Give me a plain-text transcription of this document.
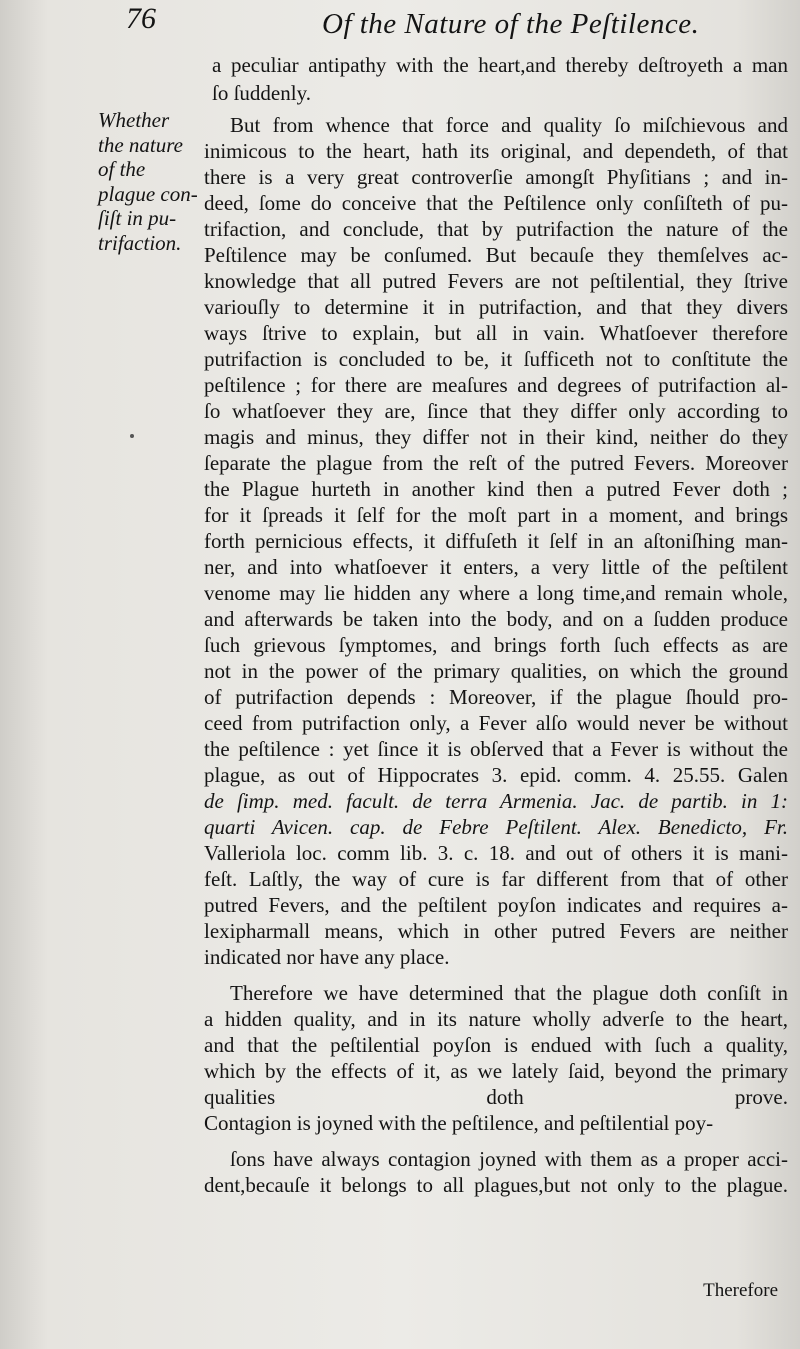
76	Of the Nature of the Peſtilence.
Whether
the nature
of the
plague con-
ſiſt in pu-
trifaction.
a peculiar antipathy with the heart,and thereby deſtroyeth a man
ſo ſuddenly.
But from whence that force and quality ſo miſchievous and
inimicous to the heart, hath its original, and dependeth, of that
there is a very great controverſie amongſt Phyſitians ; and in-
deed, ſome do conceive that the Peſtilence only conſiſteth of pu-
trifaction, and conclude, that by putrifaction the nature of the
Peſtilence may be conſumed. But becauſe they themſelves ac-
knowledge that all putred Fevers are not peſtilential, they ſtrive
variouſly to determine it in putrifaction, and that they divers
ways ſtrive to explain, but all in vain. Whatſoever therefore
putrifaction is concluded to be, it ſufficeth not to conſtitute the
peſtilence ; for there are meaſures and degrees of putrifaction al-
ſo whatſoever they are, ſince that they differ only according to
magis and minus, they differ not in their kind, neither do they
ſeparate the plague from the reſt of the putred Fevers. Moreover
the Plague hurteth in another kind then a putred Fever doth ;
for it ſpreads it ſelf for the moſt part in a moment, and brings
forth pernicious effects, it diffuſeth it ſelf in an aſtoniſhing man-
ner, and into whatſoever it enters, a very little of the peſtilent
venome may lie hidden any where a long time,and remain whole,
and afterwards be taken into the body, and on a ſudden produce
ſuch grievous ſymptomes, and brings forth ſuch effects as are
not in the power of the primary qualities, on which the ground
of putrifaction depends : Moreover, if the plague ſhould pro-
ceed from putrifaction only, a Fever alſo would never be without
the peſtilence : yet ſince it is obſerved that a Fever is without the
plague, as out of Hippocrates 3. epid. comm. 4. 25.55. Galen
de ſimp. med. facult. de terra Armenia. Jac. de partib. in 1:
quarti Avicen. cap. de Febre Peſtilent. Alex. Benedicto, Fr.
Valleriola loc. comm lib. 3. c. 18. and out of others it is mani-
feſt. Laſtly, the way of cure is far different from that of other
putred Fevers, and the peſtilent poyſon indicates and requires a-
lexipharmall means, which in other putred Fevers are neither
indicated nor have any place.
Therefore we have determined that the plague doth conſiſt in
a hidden quality, and in its nature wholly adverſe to the heart,
and that the peſtilential poyſon is endued with ſuch a quality,
which by the effects of it, as we lately ſaid, beyond the primary
qualities doth prove.
Contagion is joyned with the peſtilence, and peſtilential poy-
ſons have always contagion joyned with them as a proper acci-
dent,becauſe it belongs to all plagues,but not only to the plague.
Therefore
